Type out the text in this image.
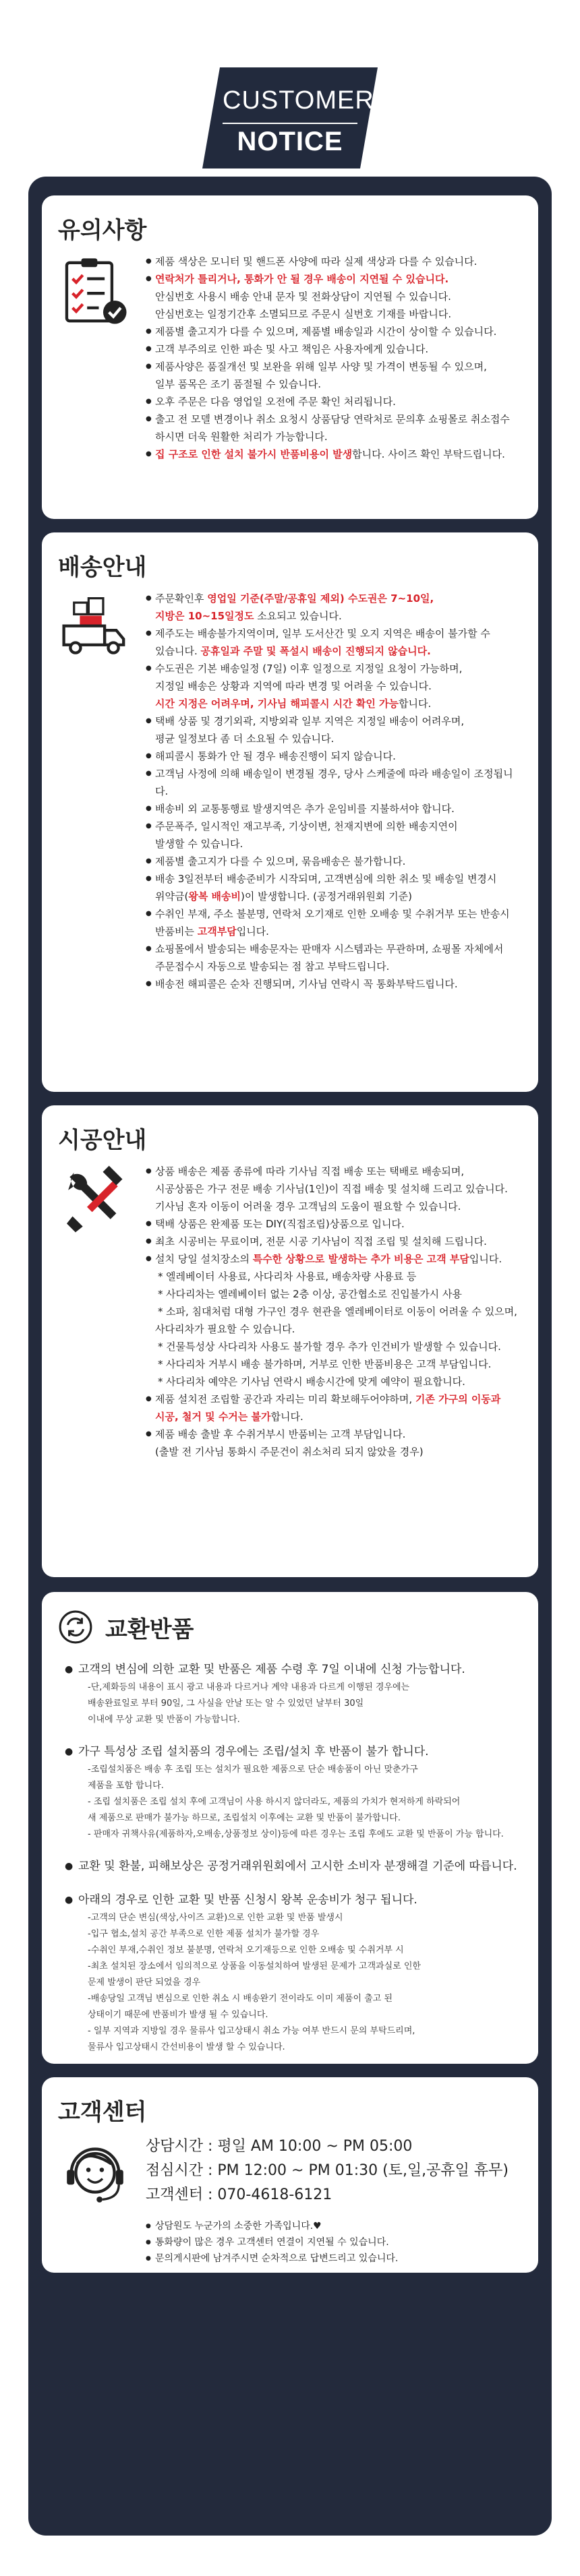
CUSTOMER
NOTICE
유의사항
● 제품 색상은 모니터 및 핸드폰 사양에 따라 실제 색상과 다를 수 있습니다.
● 연락처가 틀리거나, 통화가 안 될 경우 배송이 지연될 수 있습니다.
안심번호 사용시 배송 안내 문자 및 전화상담이 지연될 수 있습니다.
안심번호는 일정기간후 소멸되므로 주문시 실번호 기재를 바랍니다.
● 제품별 출고지가 다를 수 있으며, 제품별 배송일과 시간이 상이할 수 있습니다.
● 고객 부주의로 인한 파손 및 사고 책임은 사용자에게 있습니다.
● 제품사양은 품질개선 및 보완을 위해 일부 사양 및 가격이 변동될 수 있으며,
일부 품목은 조기 품절될 수 있습니다.
● 오후 주문은 다음 영업일 오전에 주문 확인 처리됩니다.
● 출고 전 모델 변경이나 취소 요청시 상품담당 연락처로 문의후 쇼핑몰로 취소접수
하시면 더욱 원활한 처리가 가능합니다.
● 집 구조로 인한 설치 불가시 반품비용이 발생합니다. 사이즈 확인 부탁드립니다.
배송안내
● 주문확인후 영업일 기준(주말/공휴일 제외) 수도권은 7~10일,
지방은 10~15일정도 소요되고 있습니다.
● 제주도는 배송불가지역이며, 일부 도서산간 및 오지 지역은 배송이 불가할 수
있습니다. 공휴일과 주말 및 폭설시 배송이 진행되지 않습니다.
● 수도권은 기본 배송일정 (7일) 이후 일정으로 지정일 요청이 가능하며,
지정일 배송은 상황과 지역에 따라 변경 및 어려울 수 있습니다.
시간 지정은 어려우며, 기사님 해피콜시 시간 확인 가능합니다.
● 택배 상품 및 경기외곽, 지방외곽 일부 지역은 지정일 배송이 어려우며,
평균 일정보다 좀 더 소요될 수 있습니다.
● 해피콜시 통화가 안 될 경우 배송진행이 되지 않습니다.
● 고객님 사정에 의해 배송일이 변경될 경우, 당사 스케줄에 따라 배송일이 조정됩니다.
● 배송비 외 교통통행료 발생지역은 추가 운임비를 지불하셔야 합니다.
● 주문폭주, 일시적인 재고부족, 기상이변, 천재지변에 의한 배송지연이
발생할 수 있습니다.
● 제품별 출고지가 다를 수 있으며, 묶음배송은 불가합니다.
● 배송 3일전부터 배송준비가 시작되며, 고객변심에 의한 취소 및 배송일 변경시
위약금(왕복 배송비)이 발생합니다. (공정거래위원회 기준)
● 수취인 부재, 주소 불분명, 연락처 오기재로 인한 오배송 및 수취거부 또는 반송시
반품비는 고객부담입니다.
● 쇼핑몰에서 발송되는 배송문자는 판매자 시스템과는 무관하며, 쇼핑몰 자체에서
주문접수시 자동으로 발송되는 점 참고 부탁드립니다.
● 배송전 해피콜은 순차 진행되며, 기사님 연락시 꼭 통화부탁드립니다.
시공안내
● 상품 배송은 제품 종류에 따라 기사님 직접 배송 또는 택배로 배송되며,
시공상품은 가구 전문 배송 기사님(1인)이 직접 배송 및 설치해 드리고 있습니다.
기사님 혼자 이동이 어려울 경우 고객님의 도움이 필요할 수 있습니다.
● 택배 상품은 완제품 또는 DIY(직접조립)상품으로 입니다.
● 최초 시공비는 무료이며, 전문 시공 기사님이 직접 조립 및 설치해 드립니다.
● 설치 당일 설치장소의 특수한 상황으로 발생하는 추가 비용은 고객 부담입니다.
* 엘레베이터 사용료, 사다리차 사용료, 배송차량 사용료 등
* 사다리차는 엘레베이터 없는 2층 이상, 공간협소로 진입불가시 사용
* 소파, 침대처럼 대형 가구인 경우 현관을 엘레베이터로 이동이 어려울 수 있으며,
사다리차가 필요할 수 있습니다.
* 건물특성상 사다리차 사용도 불가할 경우 추가 인건비가 발생할 수 있습니다.
* 사다리차 거부시 배송 불가하며, 거부로 인한 반품비용은 고객 부담입니다.
* 사다리차 예약은 기사님 연락시 배송시간에 맞게 예약이 필요합니다.
● 제품 설치전 조립할 공간과 자리는 미리 확보해두어야하며, 기존 가구의 이동과
시공, 철거 및 수거는 불가합니다.
● 제품 배송 출발 후 수취거부시 반품비는 고객 부담입니다.
(출발 전 기사님 통화시 주문건이 취소처리 되지 않았을 경우)
교환반품
● 고객의 변심에 의한 교환 및 반품은 제품 수령 후 7일 이내에 신청 가능합니다.
-단,제화등의 내용이 표시 광고 내용과 다르거나 계약 내용과 다르게 이행된 경우에는
배송완료일로 부터 90일, 그 사실을 안날 또는 알 수 있었던 날부터 30일
이내에 무상 교환 및 반품이 가능합니다.
● 가구 특성상 조립 설치품의 경우에는 조립/설치 후 반품이 불가 합니다.
-조립설치품은 배송 후 조립 또는 설치가 필요한 제품으로 단순 배송품이 아닌 맞춘가구
제품을 포함 합니다.
- 조립 설치품은 조립 설치 후에 고객님이 사용 하시지 않더라도, 제품의 가치가 현저하게 하락되어
새 제품으로 판매가 불가능 하므로, 조립설치 이후에는 교환 및 반품이 불가합니다.
- 판매자 귀책사유(제품하자,오배송,상품정보 상이)등에 따른 경우는 조립 후에도 교환 및 반품이 가능 합니다.
● 교환 및 환불, 피해보상은 공정거래위원회에서 고시한 소비자 분쟁해결 기준에 따릅니다.
● 아래의 경우로 인한 교환 및 반품 신청시 왕복 운송비가 청구 됩니다.
-고객의 단순 변심(색상,사이즈 교환)으로 인한 교환 및 반품 발생시
-입구 협소,설치 공간 부족으로 인한 제품 설치가 불가할 경우
-수취인 부재,수취인 정보 불분명, 연락처 오기재등으로 인한 오배송 및 수취거부 시
-최초 설치된 장소에서 임의적으로 상품을 이동설치하여 발생된 문제가 고객과실로 인한
문제 발생이 판단 되었을 경우
-배송당일 고객님 변심으로 인한 취소 시 배송완기 전이라도 이미 제품이 출고 된
상태이기 때문에 반품비가 발생 될 수 있습니다.
- 일부 지역과 지방일 경우 물류사 입고상태시 취소 가능 여부 반드시 문의 부탁드리며,
물류사 입고상태시 간선비용이 발생 할 수 있습니다.
고객센터
상담시간 : 평일 AM 10:00 ~ PM 05:00
점심시간 : PM 12:00 ~ PM 01:30 (토,일,공휴일 휴무)
고객센터 : 070-4618-6121
● 상담원도 누군가의 소중한 가족입니다.♥
● 통화량이 많은 경우 고객센터 연결이 지연될 수 있습니다.
● 문의게시판에 남겨주시면 순차적으로 답변드리고 있습니다.
